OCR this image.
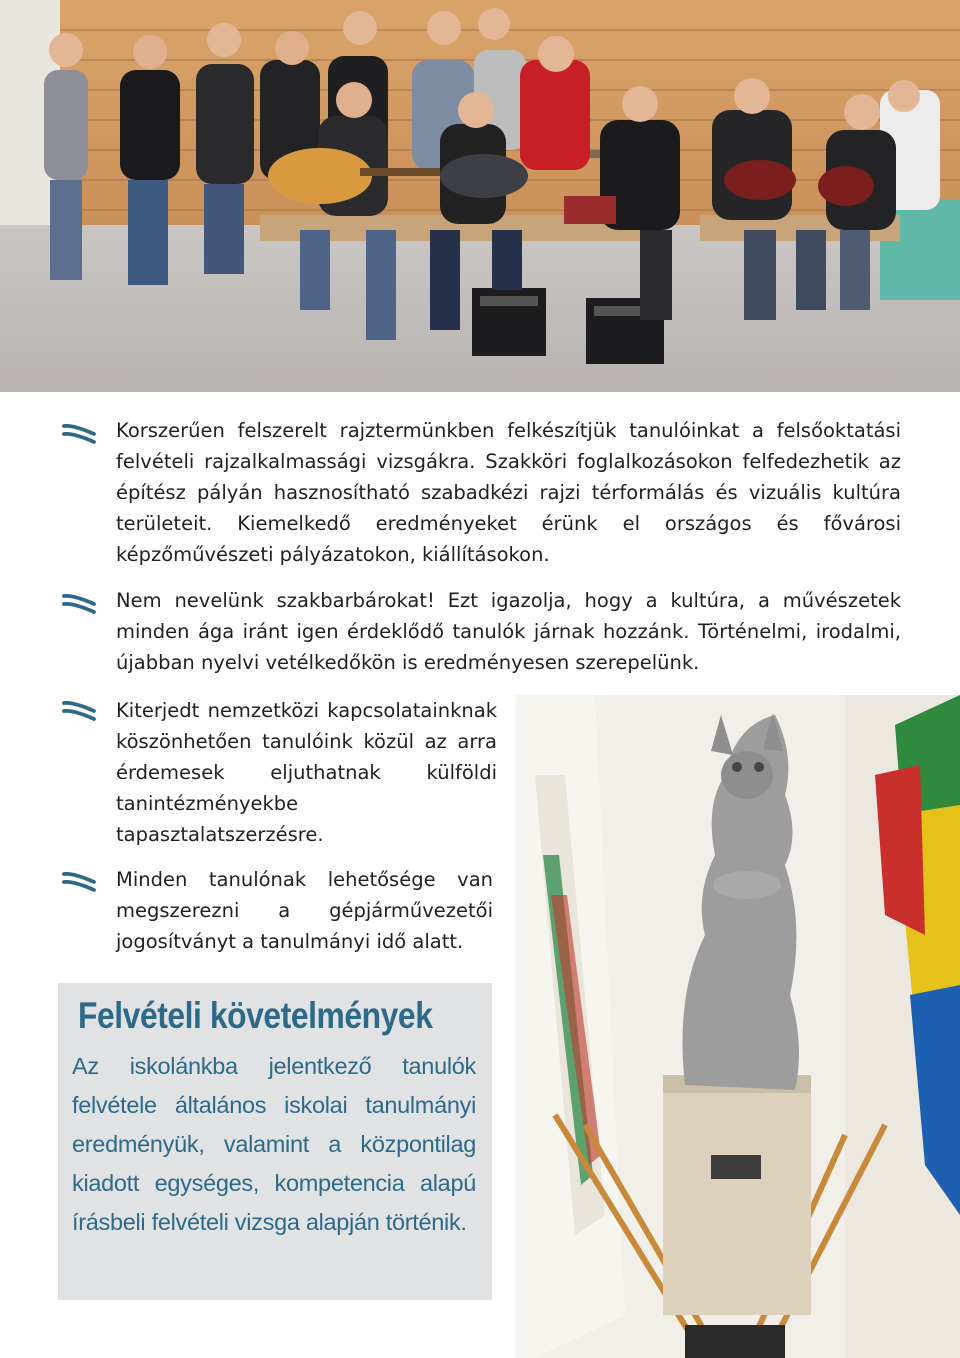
Korszerűen felszerelt rajztermünkben felkészítjük tanulóinkat a felsőoktatási felvételi rajzalkalmassági vizsgákra. Szakköri foglalkozásokon felfedezhetik az építész pályán hasznosítható szabadkézi rajzi térformálás és vizuális kultúra területeit. Kiemelkedő eredményeket érünk el országos és fővárosi képzőművészeti pályázatokon, kiállításokon.
Nem nevelünk szakbarbárokat! Ezt igazolja, hogy a kultúra, a művészetek minden ága iránt igen érdeklődő tanulók járnak hozzánk. Történelmi, irodalmi, újabban nyelvi vetélkedőkön is eredményesen szerepelünk.
Kiterjedt nemzetközi kapcsolatainknak köszönhetően tanulóink közül az arra érdemesek eljuthatnak külföldi tanintézményekbe tapasztalatszerzésre.
Minden tanulónak lehetősége van megszerezni a gépjárművezetői jogosítványt a tanulmányi idő alatt.
Felvételi követelmények
Az iskolánkba jelentkező tanulók felvétele általános iskolai tanulmányi eredményük, valamint a központilag kiadott egységes, kompetencia alapú írásbeli felvételi vizsga alapján történik.
